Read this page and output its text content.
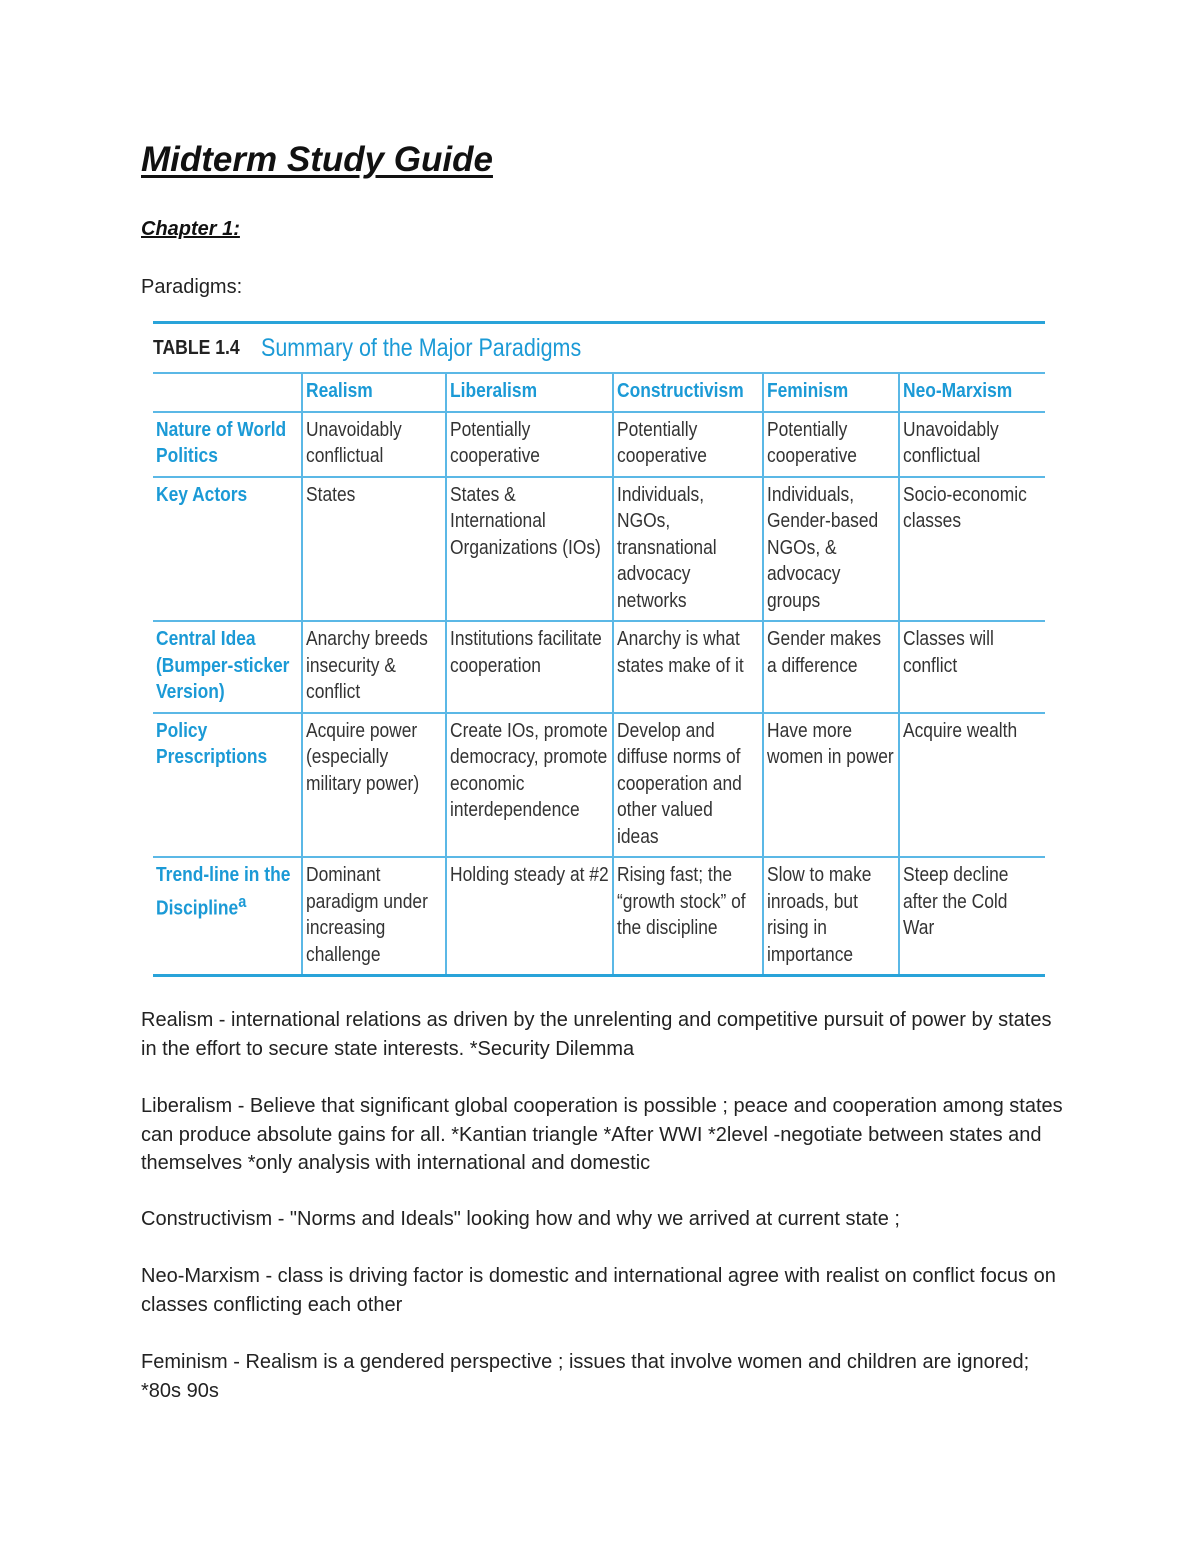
Midterm Study Guide

Chapter 1:

Paradigms:

TABLE 1.4 Summary of the Major Paradigms

	Realism	Liberalism	Constructivism	Feminism	Neo-Marxism

Nature of World Politics	Unavoidably conflictual	Potentially cooperative	Potentially cooperative	Potentially cooperative	Unavoidably conflictual

Key Actors	States	States & International Organizations (IOs)	Individuals, NGOs, transnational advocacy networks	Individuals, Gender-based NGOs, & advocacy groups	Socio-economic classes

Central Idea (Bumper-sticker Version)	Anarchy breeds insecurity & conflict	Institutions facilitate cooperation	Anarchy is what states make of it	Gender makes a difference	Classes will conflict

Policy Prescriptions	Acquire power (especially military power)	Create IOs, promote democracy, promote economic interdependence	Develop and diffuse norms of cooperation and other valued ideas	Have more women in power	Acquire wealth

Trend-line in the Discipline$^a$	Dominant paradigm under increasing challenge	Holding steady at #2	Rising fast; the “growth stock” of the discipline	Slow to make inroads, but rising in importance	Steep decline after the Cold War

Realism - international relations as driven by the unrelenting and competitive pursuit of power by states in the effort to secure state interests. *Security Dilemma

Liberalism - Believe that significant global cooperation is possible ; peace and cooperation among states can produce absolute gains for all. *Kantian triangle *After WWI *2level -negotiate between states and themselves *only analysis with international and domestic

Constructivism - "Norms and Ideals" looking how and why we arrived at current state ;

Neo-Marxism - class is driving factor is domestic and international agree with realist on conflict focus on classes conflicting each other

Feminism - Realism is a gendered perspective ; issues that involve women and children are ignored; *80s 90s
